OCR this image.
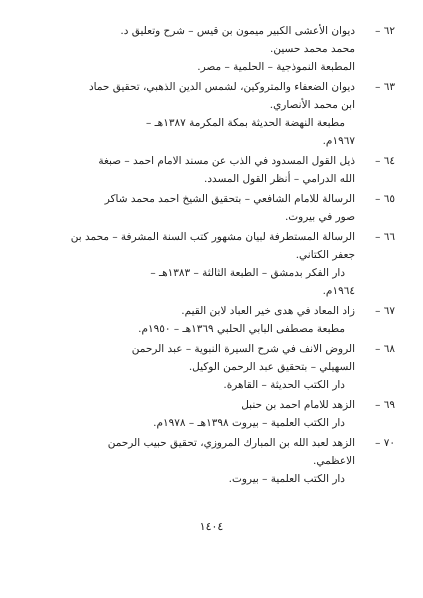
٦٢ –
ديوان الأعشى الكبير ميمون بن قيس – شرح وتعليق د.
محمد محمد حسين.
المطبعة النموذجية – الحلمية – مصر.
٦٣ –
ديوان الضعفاء والمتروكين، لشمس الدين الذهبي، تحقيق حماد
ابن محمد الأنصاري.
مطبعة النهضة الحديثة بمكة المكرمة ١٣٨٧هـ –
١٩٦٧م.
٦٤ –
ذيل القول المسدود في الذب عن مسند الامام احمد – صبغة
الله الدرامي – أنظر القول المسدد.
٦٥ –
الرسالة للامام الشافعي – بتحقيق الشيخ احمد محمد شاكر
صور في بيروت.
٦٦ –
الرسالة المستطرفة لبيان مشهور كتب السنة المشرفة – محمد بن
جعفر الكتاني.
دار الفكر بدمشق – الطبعة الثالثة – ١٣٨٣هـ –
١٩٦٤م.
٦٧ –
زاد المعاد في هدى خير العباد لابن القيم.
مطبعة مصطفى البابي الحلبي ١٣٦٩هـ – ١٩٥٠م.
٦٨ –
الروض الانف في شرح السيرة النبوية – عبد الرحمن
السهيلي – بتحقيق عبد الرحمن الوكيل.
دار الكتب الحديثة – القاهرة.
٦٩ –
الزهد للامام احمد بن حنبل
دار الكتب العلمية – بيروت ١٣٩٨هـ – ١٩٧٨م.
٧٠ –
الزهد لعبد الله بن المبارك المروزي، تحقيق حبيب الرحمن
الاعظمي.
دار الكتب العلمية – بيروت.
١٤٠٤
